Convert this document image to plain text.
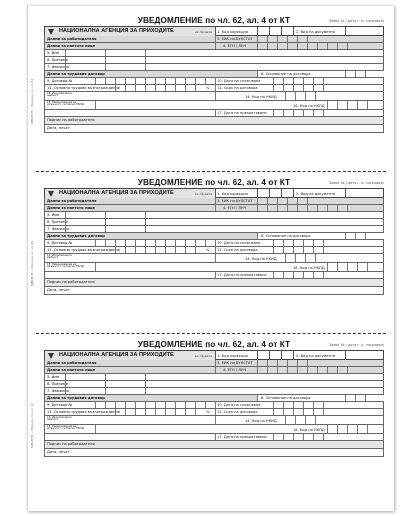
ЕИК/ЕГН – Образец по чл. 62
УВЕДОМЛЕНИЕ по чл. 62, ал. 4 от КТ	Заявл. № / дата г. (с. поправки)
НАЦИОНАЛНА АГЕНЦИЯ ЗА ПРИХОДИТЕ	вх. №/дата 1. Код корекция	2. Вид на документа
Данни за работодателя	3. ЕИК по БУЛСТАТ
Данни за наетото лице	4. ЕГН / ЛНЧ
5. Име
6. Презиме
7. Фамилия
Данни за трудовия договор	8. Основание на договора
9. Договор №	10. Дата на сключване
11. Основно трудово възнаграждение	% 12. Срок на договора
13. Икономическа дейност	14. Код по НКИД
15. Наименование на длъжност, съгласно НКПД	16. Код по НКПД
17. Дата на прекратяване
Подпис на работодателя
Дата, печат
ЕИК/ЕГН – Образец по чл. 62
УВЕДОМЛЕНИЕ по чл. 62, ал. 4 от КТ	Заявл. № / дата г. (с. поправки)
НАЦИОНАЛНА АГЕНЦИЯ ЗА ПРИХОДИТЕ	вх. №/дата 1. Код корекция	2. Вид на документа
Данни за работодателя	3. ЕИК по БУЛСТАТ
Данни за наетото лице	4. ЕГН / ЛНЧ
5. Име
6. Презиме
7. Фамилия
Данни за трудовия договор	8. Основание на договора
9. Договор №	10. Дата на сключване
11. Основно трудово възнаграждение	% 12. Срок на договора
13. Икономическа дейност	14. Код по НКИД
15. Наименование на длъжност, съгласно НКПД	16. Код по НКПД
17. Дата на прекратяване
Подпис на работодателя
Дата, печат
ЕИК/ЕГН – Образец по чл. 62
УВЕДОМЛЕНИЕ по чл. 62, ал. 4 от КТ	Заявл. № / дата г. (с. поправки)
НАЦИОНАЛНА АГЕНЦИЯ ЗА ПРИХОДИТЕ	вх. №/дата 1. Код корекция	2. Вид на документа
Данни за работодателя	3. ЕИК по БУЛСТАТ
Данни за наетото лице	4. ЕГН / ЛНЧ
5. Име
6. Презиме
7. Фамилия
Данни за трудовия договор	8. Основание на договора
9. Договор №	10. Дата на сключване
11. Основно трудово възнаграждение	% 12. Срок на договора
13. Икономическа дейност	14. Код по НКИД
15. Наименование на длъжност, съгласно НКПД	16. Код по НКПД
17. Дата на прекратяване
Подпис на работодателя
Дата, печат
